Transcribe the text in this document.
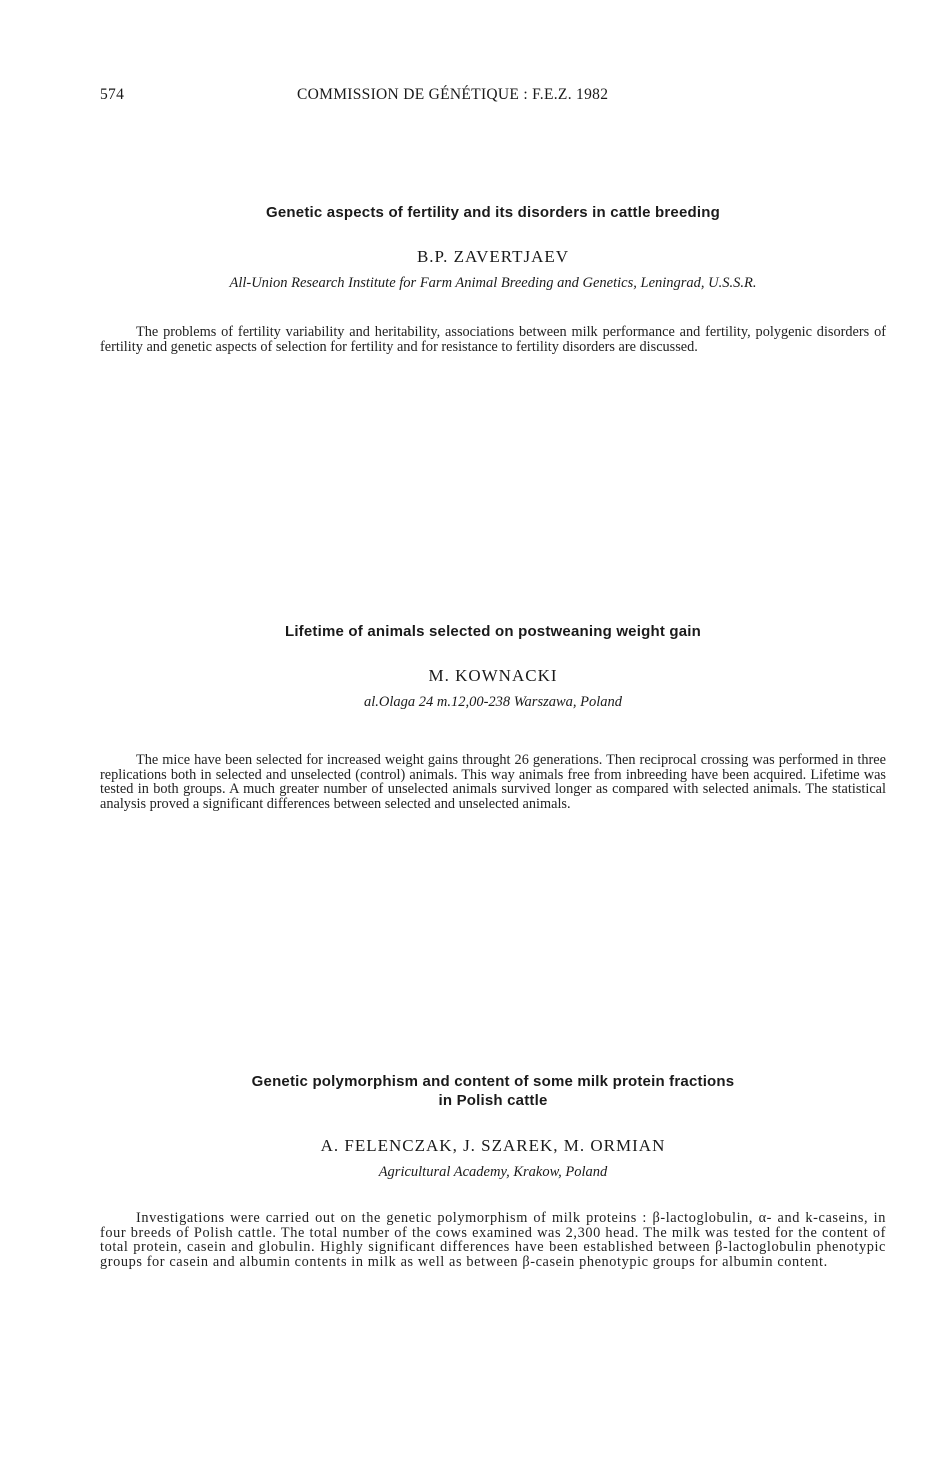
574	COMMISSION DE GÉNÉTIQUE : F.E.Z. 1982
Genetic aspects of fertility and its disorders in cattle breeding
B.P. ZAVERTJAEV
All-Union Research Institute for Farm Animal Breeding and Genetics, Leningrad, U.S.S.R.

The problems of fertility variability and heritability, associations between milk performance and fertility, polygenic disorders of fertility and genetic aspects of selection for fertility and for resistance to fertility disorders are discussed.

Lifetime of animals selected on postweaning weight gain
M. KOWNACKI
al.Olaga 24 m.12,00-238 Warszawa, Poland

The mice have been selected for increased weight gains throught 26 generations. Then reciprocal crossing was performed in three replications both in selected and unselected (control) animals. This way animals free from inbreeding have been acquired. Lifetime was tested in both groups. A much greater number of unselected animals survived longer as compared with selected animals. The statistical analysis proved a significant differences between selected and unselected animals.

Genetic polymorphism and content of some milk protein fractions
in Polish cattle
A. FELENCZAK, J. SZAREK, M. ORMIAN
Agricultural Academy, Krakow, Poland

Investigations were carried out on the genetic polymorphism of milk proteins : β-lactoglobulin, α- and k-caseins, in four breeds of Polish cattle. The total number of the cows examined was 2,300 head. The milk was tested for the content of total protein, casein and globulin. Highly significant differences have been established between β-lactoglobulin phenotypic groups for casein and albumin contents in milk as well as between β-casein phenotypic groups for albumin content.
